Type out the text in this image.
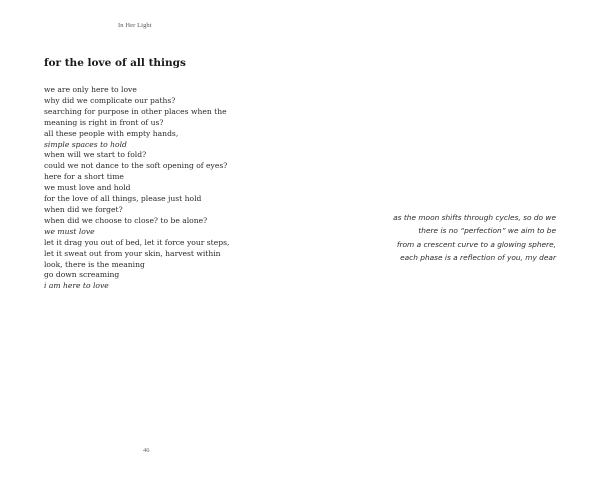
In Her Light
for the love of all things
we are only here to love
why did we complicate our paths?
searching for purpose in other places when the
meaning is right in front of us?
all these people with empty hands,
simple spaces to hold
when will we start to fold?
could we not dance to the soft opening of eyes?
here for a short time
we must love and hold
for the love of all things, please just hold
when did we forget?
when did we choose to close? to be alone?
we must love
let it drag you out of bed, let it force your steps,
let it sweat out from your skin, harvest within
look, there is the meaning
go down screaming
i am here to love
46
as the moon shifts through cycles, so do we
there is no “perfection” we aim to be
from a crescent curve to a glowing sphere,
each phase is a reflection of you, my dear
